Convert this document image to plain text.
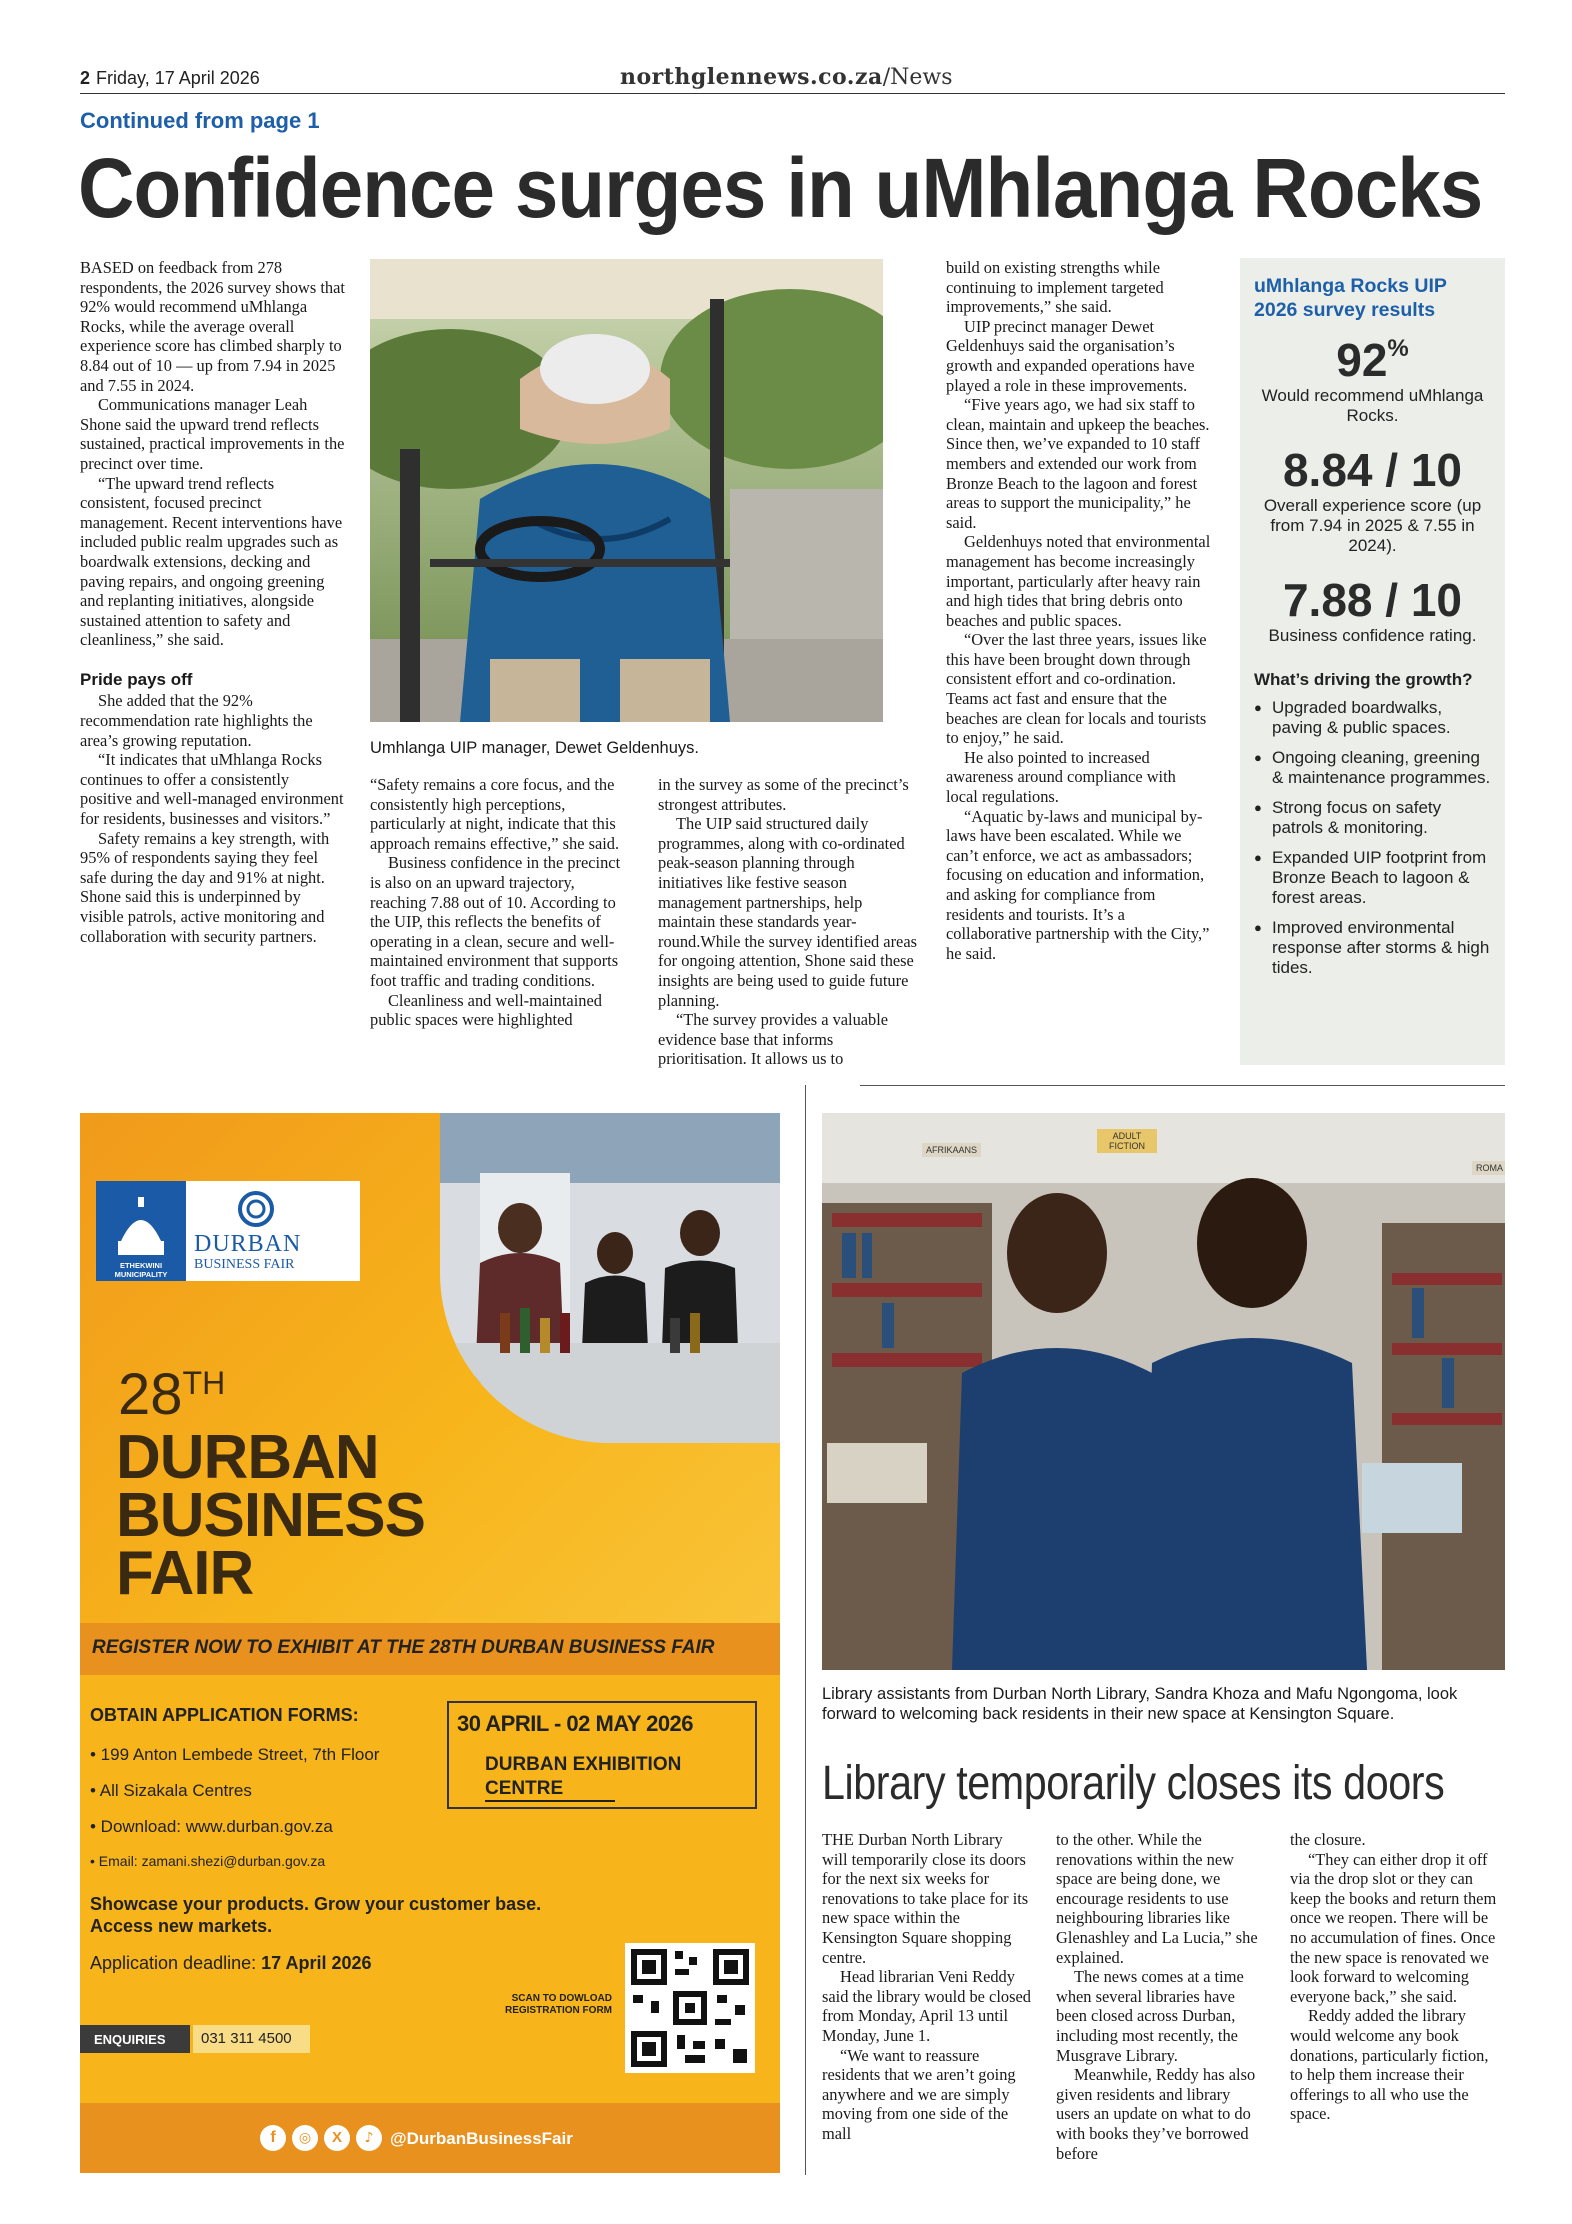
2 Friday, 17 April 2026	northglennews.co.za/News
Continued from page 1
Confidence surges in uMhlanga Rocks

BASED on feedback from 278 respondents, the 2026 survey shows that 92% would recommend uMhlanga Rocks, while the average overall experience score has climbed sharply to 8.84 out of 10 — up from 7.94 in 2025 and 7.55 in 2024.

Communications manager Leah Shone said the upward trend reflects sustained, practical improvements in the precinct over time.

“The upward trend reflects consistent, focused precinct management. Recent interventions have included public realm upgrades such as boardwalk extensions, decking and paving repairs, and ongoing greening and replanting initiatives, alongside sustained attention to safety and cleanliness,” she said.

Pride pays off

She added that the 92% recommendation rate highlights the area’s growing reputation.

“It indicates that uMhlanga Rocks continues to offer a consistently positive and well-managed environment for residents, businesses and visitors.”

Safety remains a key strength, with 95% of respondents saying they feel safe during the day and 91% at night. Shone said this is underpinned by visible patrols, active monitoring and collaboration with security partners.

Umhlanga UIP manager, Dewet Geldenhuys.

“Safety remains a core focus, and the consistently high perceptions, particularly at night, indicate that this approach remains effective,” she said.

Business confidence in the precinct is also on an upward trajectory, reaching 7.88 out of 10. According to the UIP, this reflects the benefits of operating in a clean, secure and well-maintained environment that supports foot traffic and trading conditions.

Cleanliness and well-maintained public spaces were highlighted

in the survey as some of the precinct’s strongest attributes.

The UIP said structured daily programmes, along with co-ordinated peak-season planning through initiatives like festive season management partnerships, help maintain these standards year-round.While the survey identified areas for ongoing attention, Shone said these insights are being used to guide future planning.

“The survey provides a valuable evidence base that informs prioritisation. It allows us to

build on existing strengths while continuing to implement targeted improvements,” she said.

UIP precinct manager Dewet Geldenhuys said the organisation’s growth and expanded operations have played a role in these improvements.

“Five years ago, we had six staff to clean, maintain and upkeep the beaches. Since then, we’ve expanded to 10 staff members and extended our work from Bronze Beach to the lagoon and forest areas to support the municipality,” he said.

Geldenhuys noted that environmental management has become increasingly important, particularly after heavy rain and high tides that bring debris onto beaches and public spaces.

“Over the last three years, issues like this have been brought down through consistent effort and co-ordination. Teams act fast and ensure that the beaches are clean for locals and tourists to enjoy,” he said.

He also pointed to increased awareness around compliance with local regulations.

“Aquatic by-laws and municipal by-laws have been escalated. While we can’t enforce, we act as ambassadors; focusing on education and information, and asking for compliance from residents and tourists. It’s a collaborative partnership with the City,” he said.

uMhlanga Rocks UIP 2026 survey results
92%
Would recommend uMhlanga Rocks.
8.84 / 10
Overall experience score (up from 7.94 in 2025 & 7.55 in 2024).
7.88 / 10
Business confidence rating.
What’s driving the growth?
● Upgraded boardwalks, paving & public spaces.
● Ongoing cleaning, greening & maintenance programmes.
● Strong focus on safety patrols & monitoring.
● Expanded UIP footprint from Bronze Beach to lagoon & forest areas.
● Improved environmental response after storms & high tides.
ETHEKWINI MUNICIPALITY
DURBAN
BUSINESS FAIR
28TH
DURBAN
BUSINESS
FAIR
REGISTER NOW TO EXHIBIT AT THE 28TH DURBAN BUSINESS FAIR
OBTAIN APPLICATION FORMS:
• 199 Anton Lembede Street, 7th Floor
• All Sizakala Centres
• Download: www.durban.gov.za
• Email: zamani.shezi@durban.gov.za
30 APRIL - 02 MAY 2026
DURBAN EXHIBITION CENTRE
Showcase your products. Grow your customer base. Access new markets.
Application deadline: 17 April 2026
SCAN TO DOWLOAD REGISTRATION FORM
ENQUIRIES	031 311 4500
f	◎	X	♪ @DurbanBusinessFair
AFRIKAANS
ADULT FICTION
ROMA
Library assistants from Durban North Library, Sandra Khoza and Mafu Ngongoma, look forward to welcoming back residents in their new space at Kensington Square.
Library temporarily closes its doors

THE Durban North Library will temporarily close its doors for the next six weeks for renovations to take place for its new space within the Kensington Square shopping centre.

Head librarian Veni Reddy said the library would be closed from Monday, April 13 until Monday, June 1.

“We want to reassure residents that we aren’t going anywhere and we are simply moving from one side of the mall

to the other. While the renovations within the new space are being done, we encourage residents to use neighbouring libraries like Glenashley and La Lucia,” she explained.

The news comes at a time when several libraries have been closed across Durban, including most recently, the Musgrave Library.

Meanwhile, Reddy has also given residents and library users an update on what to do with books they’ve borrowed before

the closure.

“They can either drop it off via the drop slot or they can keep the books and return them once we reopen. There will be no accumulation of fines. Once the new space is renovated we look forward to welcoming everyone back,” she said.

Reddy added the library would welcome any book donations, particularly fiction, to help them increase their offerings to all who use the space.
